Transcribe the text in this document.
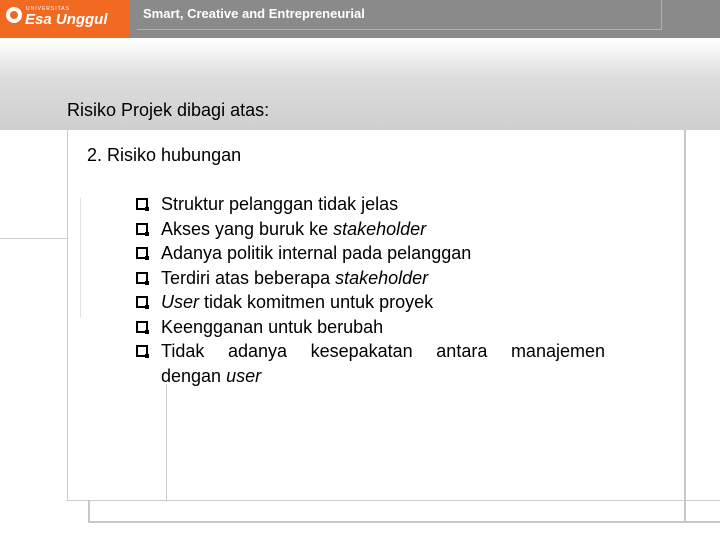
UNIVERSITAS
Esa Unggul	Smart, Creative and Entrepreneurial
Risiko Projek dibagi atas:
2. Risiko hubungan
Struktur pelanggan tidak jelas
Akses yang buruk ke stakeholder
Adanya politik internal pada pelanggan
Terdiri atas beberapa stakeholder
User tidak komitmen untuk proyek
Keengganan untuk berubah
Tidak adanya kesepakatan antara manajemen
dengan user
